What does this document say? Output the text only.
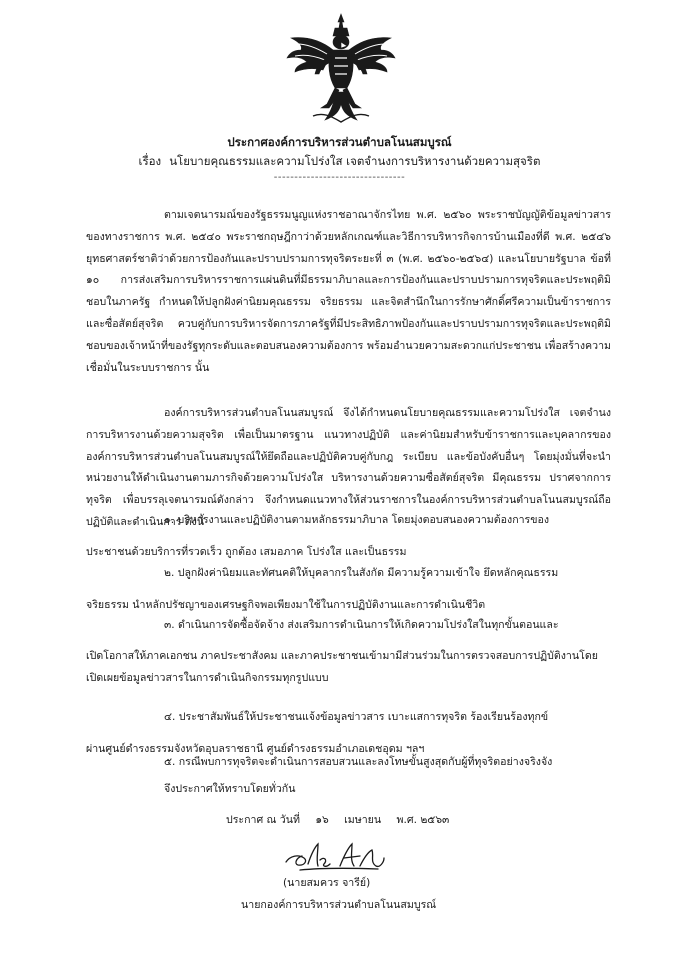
ประกาศองค์การบริหารส่วนตำบลโนนสมบูรณ์
เรื่อง นโยบายคุณธรรมและความโปร่งใส เจตจำนงการบริหารงานด้วยความสุจริต
--------------------------------
ตามเจตนารมณ์ของรัฐธรรมนูญแห่งราชอาณาจักรไทย พ.ศ. ๒๕๖๐ พระราชบัญญัติข้อมูลข่าวสารของทางราชการ พ.ศ. ๒๕๔๐ พระราชกฤษฎีกาว่าด้วยหลักเกณฑ์และวิธีการบริหารกิจการบ้านเมืองที่ดี พ.ศ. ๒๕๔๖ ยุทธศาสตร์ชาติว่าด้วยการป้องกันและปราบปรามการทุจริตระยะที่ ๓ (พ.ศ. ๒๕๖๐-๒๕๖๔) และนโยบายรัฐบาล ข้อที่ ๑๐ การส่งเสริมการบริหารราชการแผ่นดินที่มีธรรมาภิบาลและการป้องกันและปราบปรามการทุจริตและประพฤติมิชอบในภาครัฐ กำหนดให้ปลูกฝังค่านิยมคุณธรรม จริยธรรม และจิตสำนึกในการรักษาศักดิ์ศรีความเป็นข้าราชการและซื่อสัตย์สุจริต ควบคู่กับการบริหารจัดการภาครัฐที่มีประสิทธิภาพป้องกันและปราบปรามการทุจริตและประพฤติมิชอบของเจ้าหน้าที่ของรัฐทุกระดับและตอบสนองความต้องการ พร้อมอำนวยความสะดวกแก่ประชาชน เพื่อสร้างความเชื่อมั่นในระบบราชการ นั้น
องค์การบริหารส่วนตำบลโนนสมบูรณ์ จึงได้กำหนดนโยบายคุณธรรมและความโปร่งใส เจตจำนงการบริหารงานด้วยความสุจริต เพื่อเป็นมาตรฐาน แนวทางปฏิบัติ และค่านิยมสำหรับข้าราชการและบุคลากรขององค์การบริหารส่วนตำบลโนนสมบูรณ์ให้ยึดถือและปฏิบัติควบคู่กับกฎ ระเบียบ และข้อบังคับอื่นๆ โดยมุ่งมั่นที่จะนำหน่วยงานให้ดำเนินงานตามภารกิจด้วยความโปร่งใส บริหารงานด้วยความซื่อสัตย์สุจริต มีคุณธรรม ปราศจากการทุจริต เพื่อบรรลุเจตนารมณ์ดังกล่าว จึงกำหนดแนวทางให้ส่วนราชการในองค์การบริหารส่วนตำบลโนนสมบูรณ์ถือปฏิบัติและดำเนินการ ดังนี้
๑. บริหารงานและปฏิบัติงานตามหลักธรรมาภิบาล โดยมุ่งตอบสนองความต้องการของ
ประชาชนด้วยบริการที่รวดเร็ว ถูกต้อง เสมอภาค โปร่งใส และเป็นธรรม
๒. ปลูกฝังค่านิยมและทัศนคติให้บุคลากรในสังกัด มีความรู้ความเข้าใจ ยึดหลักคุณธรรม
จริยธรรม นำหลักปรัชญาของเศรษฐกิจพอเพียงมาใช้ในการปฏิบัติงานและการดำเนินชีวิต
๓. ดำเนินการจัดซื้อจัดจ้าง ส่งเสริมการดำเนินการให้เกิดความโปร่งใสในทุกขั้นตอนและ
เปิดโอกาสให้ภาคเอกชน ภาคประชาสังคม และภาคประชาชนเข้ามามีส่วนร่วมในการตรวจสอบการปฏิบัติงานโดยเปิดเผยข้อมูลข่าวสารในการดำเนินกิจกรรมทุกรูปแบบ
๔. ประชาสัมพันธ์ให้ประชาชนแจ้งข้อมูลข่าวสาร เบาะแสการทุจริต ร้องเรียนร้องทุกข์
ผ่านศูนย์ดำรงธรรมจังหวัดอุบลราชธานี ศูนย์ดำรงธรรมอำเภอเดชอุดม ฯลฯ
๕. กรณีพบการทุจริตจะดำเนินการสอบสวนและลงโทษขั้นสูงสุดกับผู้ที่ทุจริตอย่างจริงจัง
จึงประกาศให้ทราบโดยทั่วกัน
ประกาศ ณ วันที่ ๑๖ เมษายน พ.ศ. ๒๕๖๓
(นายสมควร จารีย์)
นายกองค์การบริหารส่วนตำบลโนนสมบูรณ์
